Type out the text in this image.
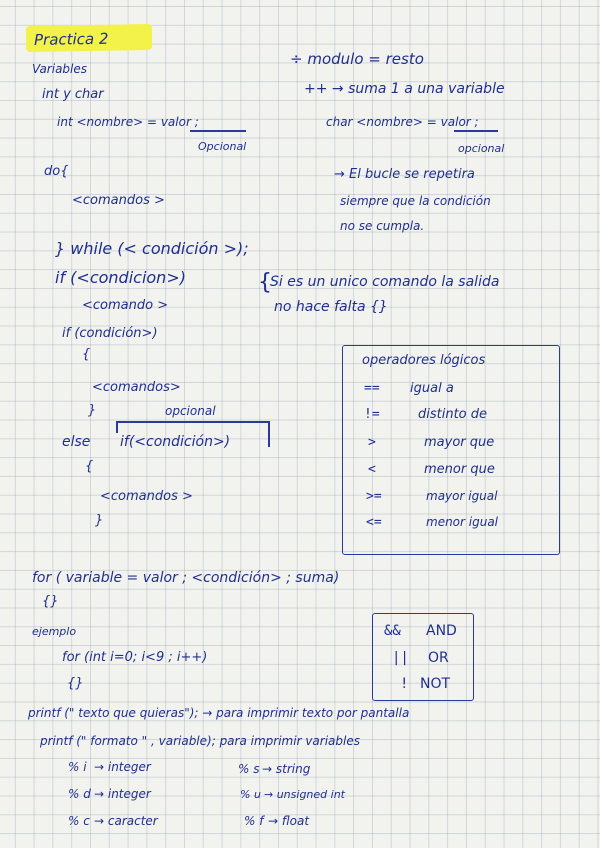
Practica 2
Variables
int y char
int <nombre> = valor ;
Opcional
do{
<comandos >
} while (< condición >);
if (<condicion>)
<comando >
if (condición>)
{
<comandos>
}	opcional
else if(<condición>)
{
<comandos >
}
for ( variable = valor ; <condición> ; suma)
{}
ejemplo
for (int i=0; i<9 ; i++)
{}
printf (" texto que quieras"); → para imprimir texto por pantalla
printf (" formato " , variable); para imprimir variables
% i → integer
% d → integer
% c → caracter
% s → string
% u → unsigned int
% f → float
÷ modulo = resto
++ → suma 1 a una variable
char <nombre> = valor ;
opcional
→ El bucle se repetira
siempre que la condición
no se cumpla.
{
Si es un unico comando la salida
no hace falta {}
operadores lógicos
== igual a
!=	distinto de
>	mayor que
<	menor que
>=	mayor igual
<=	menor igual
&& AND
|| OR
! NOT
